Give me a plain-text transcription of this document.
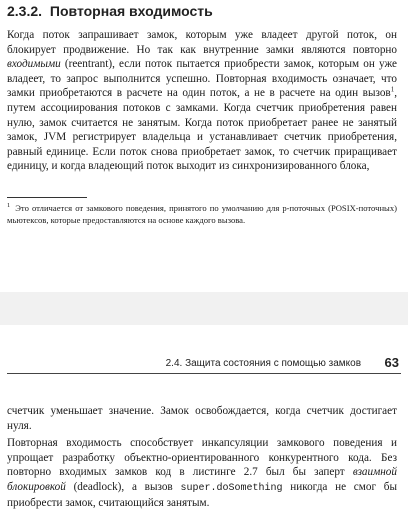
2.3.2. Повторная входимость
Когда поток запрашивает замок, которым уже владеет другой поток, он блокирует продвижение. Но так как внутренние замки являются повторно входимыми (reentrant), если поток пытается приобрести замок, которым он уже владеет, то запрос выполнится успешно. Повторная входимость означает, что замки приобретаются в расчете на один поток, а не в расчете на один вызов$^1$, путем ассоциирования потоков с замками. Когда счетчик приобретения равен нулю, замок считается не занятым. Когда поток приобретает ранее не занятый замок, JVM регистрирует владельца и устанавливает счетчик приобретения, равный единице. Если поток снова приобретает замок, то счетчик приращивает единицу, и когда владеющий поток выходит из синхронизированного блока,
$^1$ Это отличается от замкового поведения, принятого по умолчанию для p-поточных (POSIX-поточных) мьютексов, которые предоставляются на основе каждого вызова.
2.4. Защита состояния с помощью замков 63
счетчик уменьшает значение. Замок освобождается, когда счетчик достигает нуля.
Повторная входимость способствует инкапсуляции замкового поведения и упрощает разработку объектно-ориентированного конкурентного кода. Без повторно входимых замков код в листинге 2.7 был бы заперт взаимной блокировкой (deadlock), а вызов super.doSomething никогда не смог бы приобрести замок, считающийся занятым.
